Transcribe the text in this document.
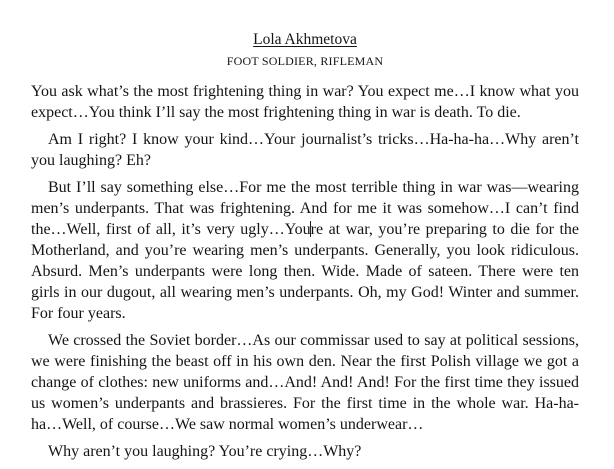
Lola Akhmetova

FOOT SOLDIER, RIFLEMAN

You ask what’s the most frightening thing in war? You expect me…I know what you expect…You think I’ll say the most frightening thing in war is death. To die.

Am I right? I know your kind…Your journalist’s tricks…Ha-ha-ha…Why aren’t you laughing? Eh?

But I’ll say something else…For me the most terrible thing in war was—wearing men’s underpants. That was frightening. And for me it was somehow…I can’t find the…Well, first of all, it’s very ugly…Youre at war, you’re preparing to die for the Motherland, and you’re wearing men’s underpants. Generally, you look ridiculous. Absurd. Men’s underpants were long then. Wide. Made of sateen. There were ten girls in our dugout, all wearing men’s underpants. Oh, my God! Winter and summer. For four years.

We crossed the Soviet border…As our commissar used to say at political sessions, we were finishing the beast off in his own den. Near the first Polish village we got a change of clothes: new uniforms and…And! And! And! For the first time they issued us women’s underpants and brassieres. For the first time in the whole war. Ha-ha-ha…Well, of course…We saw normal women’s underwear…

Why aren’t you laughing? You’re crying…Why?
